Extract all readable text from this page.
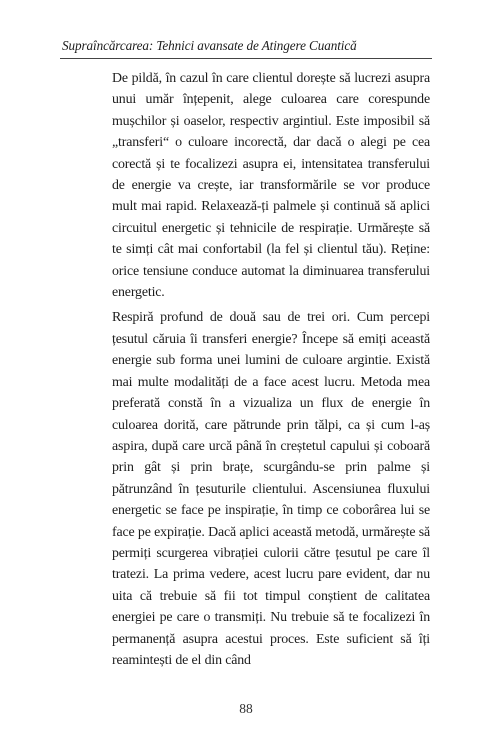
Supraîncărcarea: Tehnici avansate de Atingere Cuantică

De pildă, în cazul în care clientul dorește să lucrezi asupra unui umăr înțepenit, alege culoarea care corespunde mușchilor și oaselor, respectiv argintiul. Este imposibil să „transferi“ o culoare incorectă, dar dacă o alegi pe cea corectă și te focalizezi asupra ei, intensitatea transferului de energie va crește, iar transformările se vor produce mult mai rapid. Relaxează-ți palmele și continuă să aplici circuitul energetic și tehnicile de respirație. Urmărește să te simți cât mai confortabil (la fel și clientul tău). Reține: orice tensiune conduce automat la diminuarea transferului energetic.

Respiră profund de două sau de trei ori. Cum percepi țesutul căruia îi transferi energie? Începe să emiți această energie sub forma unei lumini de culoare argintie. Există mai multe modalități de a face acest lucru. Metoda mea preferată constă în a vizualiza un flux de energie în culoarea dorită, care pătrunde prin tălpi, ca și cum l-aș aspira, după care urcă până în creștetul capului și coboară prin gât și prin brațe, scurgându-se prin palme și pătrunzând în țesuturile clientului. Ascensiunea fluxului energetic se face pe inspirație, în timp ce coborârea lui se face pe expirație. Dacă aplici această metodă, urmărește să permiți scurgerea vibrației culorii către țesutul pe care îl tratezi. La prima vedere, acest lucru pare evident, dar nu uita că trebuie să fii tot timpul conștient de calitatea energiei pe care o transmiți. Nu trebuie să te focalizezi în permanență asupra acestui proces. Este suficient să îți reamintești de el din când

88
